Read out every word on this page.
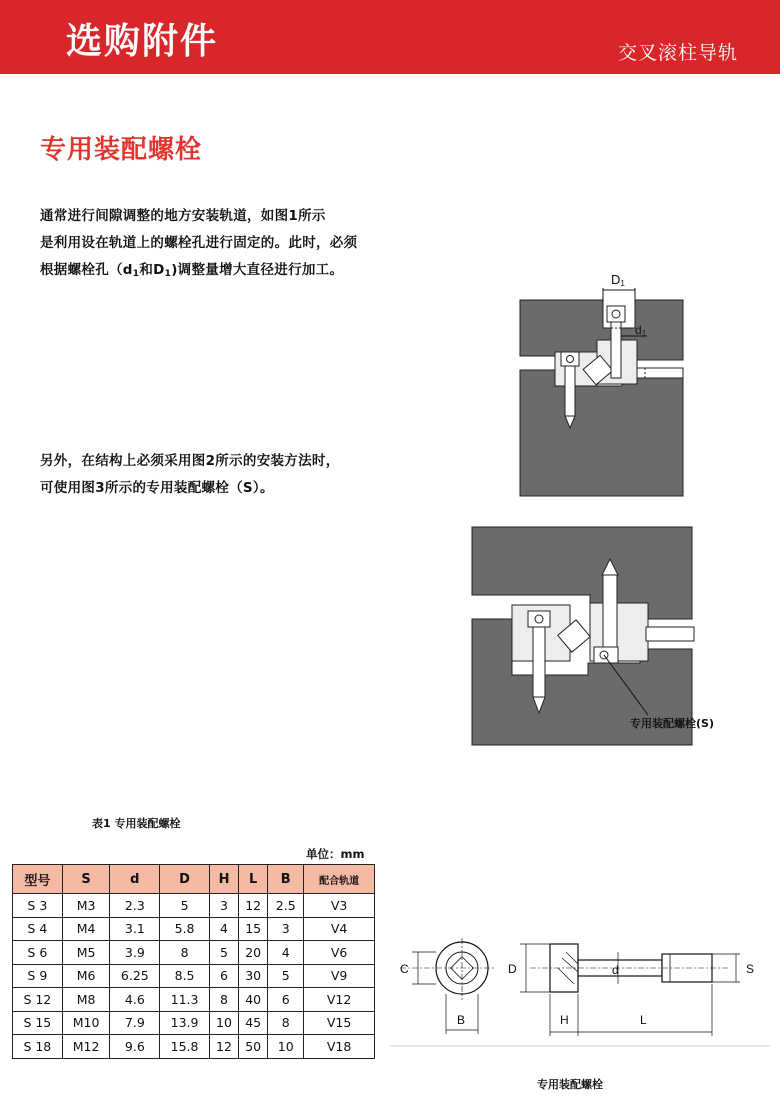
选购附件	交叉滚柱导轨
专用装配螺栓
通常进行间隙调整的地方安装轨道，如图1所示
是利用设在轨道上的螺栓孔进行固定的。此时，必须
根据螺栓孔（$d_1$和$D_1$)调整量增大直径进行加工。
另外，在结构上必须采用图2所示的安装方法时，
可使用图3所示的专用装配螺栓（S）。
D1
d1
专用装配螺栓(S)
表1 专用装配螺栓
单位：mm
型号	S	d	D	H	L	B	配合轨道
S 3	M3	2.3	5	3	12	2.5	V3
S 4	M4	3.1	5.8	4	15	3	V4
S 6	M5	3.9	8	5	20	4	V6
S 9	M6	6.25	8.5	6	30	5	V9
S 12	M8	4.6	11.3	8	40	6	V12
S 15	M10	7.9	13.9	10	45	8	V15
S 18	M12	9.6	15.8	12	50	10	V18
C
B
D	d	S
H	L
专用装配螺栓
